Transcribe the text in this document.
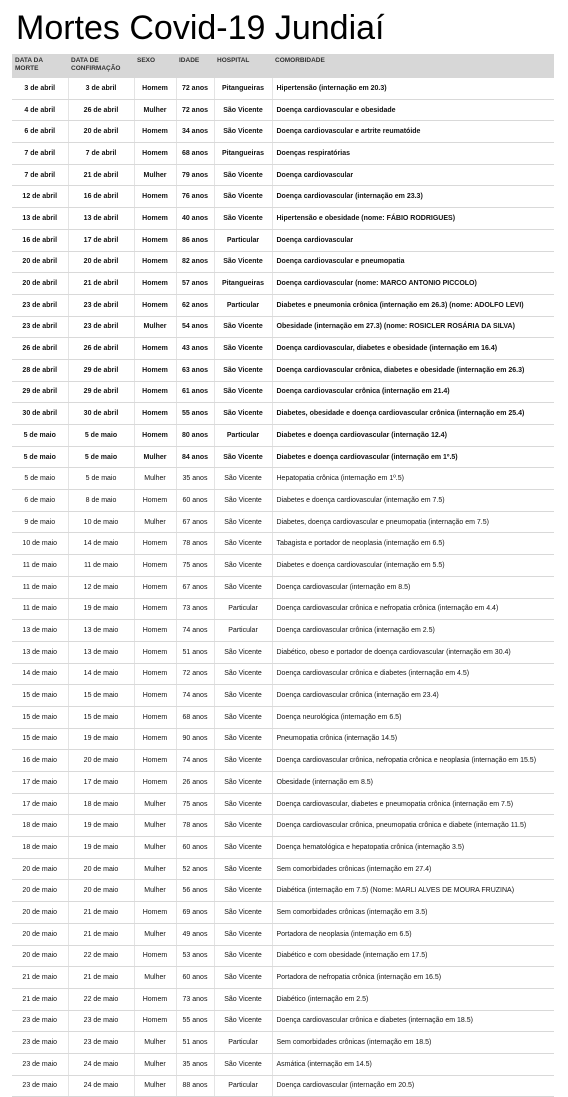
Mortes Covid-19 Jundiaí
DATA DA MORTE	DATA DE CONFIRMAÇÃO	SEXO	IDADE	HOSPITAL	COMORBIDADE
3 de abril	3 de abril	Homem	72 anos	Pitangueiras	Hipertensão (internação em 20.3)
4 de abril	26 de abril	Mulher	72 anos	São Vicente	Doença cardiovascular e obesidade
6 de abril	20 de abril	Homem	34 anos	São Vicente	Doença cardiovascular e artrite reumatóide
7 de abril	7 de abril	Homem	68 anos	Pitangueiras	Doenças respiratórias
7 de abril	21 de abril	Mulher	79 anos	São Vicente	Doença cardiovascular
12 de abril	16 de abril	Homem	76 anos	São Vicente	Doença cardiovascular (internação em 23.3)
13 de abril	13 de abril	Homem	40 anos	São Vicente	Hipertensão e obesidade (nome: FÁBIO RODRIGUES)
16 de abril	17 de abril	Homem	86 anos	Particular	Doença cardiovascular
20 de abril	20 de abril	Homem	82 anos	São Vicente	Doença cardiovascular e pneumopatia
20 de abril	21 de abril	Homem	57 anos	Pitangueiras	Doença cardiovascular (nome: MARCO ANTONIO PICCOLO)
23 de abril	23 de abril	Homem	62 anos	Particular	Diabetes e pneumonia crônica (internação em 26.3) (nome: ADOLFO LEVI)
23 de abril	23 de abril	Mulher	54 anos	São Vicente	Obesidade (internação em 27.3) (nome: ROSICLER ROSÁRIA DA SILVA)
26 de abril	26 de abril	Homem	43 anos	São Vicente	Doença cardiovascular, diabetes e obesidade (internação em 16.4)
28 de abril	29 de abril	Homem	63 anos	São Vicente	Doença cardiovascular crônica, diabetes e obesidade (internação em 26.3)
29 de abril	29 de abril	Homem	61 anos	São Vicente	Doença cardiovascular crônica (internação em 21.4)
30 de abril	30 de abril	Homem	55 anos	São Vicente	Diabetes, obesidade e doença cardiovascular crônica (internação em 25.4)
5 de maio	5 de maio	Homem	80 anos	Particular	Diabetes e doença cardiovascular (internação 12.4)
5 de maio	5 de maio	Mulher	84 anos	São Vicente	Diabetes e doença cardiovascular (internação em 1º.5)
5 de maio	5 de maio	Mulher	35 anos	São Vicente	Hepatopatia crônica (internação em 1º.5)
6 de maio	8 de maio	Homem	60 anos	São Vicente	Diabetes e doença cardiovascular (internação em 7.5)
9 de maio	10 de maio	Mulher	67 anos	São Vicente	Diabetes, doença cardiovascular e pneumopatia (internação em 7.5)
10 de maio	14 de maio	Homem	78 anos	São Vicente	Tabagista e portador de neoplasia (internação em 6.5)
11 de maio	11 de maio	Homem	75 anos	São Vicente	Diabetes e doença cardiovascular (internação em 5.5)
11 de maio	12 de maio	Homem	67 anos	São Vicente	Doença cardiovascular (internação em 8.5)
11 de maio	19 de maio	Homem	73 anos	Particular	Doença cardiovascular crônica e nefropatia crônica (internação em 4.4)
13 de maio	13 de maio	Homem	74 anos	Particular	Doença cardiovascular crônica (internação em 2.5)
13 de maio	13 de maio	Homem	51 anos	São Vicente	Diabético, obeso e portador de doença cardiovascular (internação em 30.4)
14 de maio	14 de maio	Homem	72 anos	São Vicente	Doença cardiovascular crônica e diabetes (internação em 4.5)
15 de maio	15 de maio	Homem	74 anos	São Vicente	Doença cardiovascular crônica (internação em 23.4)
15 de maio	15 de maio	Homem	68 anos	São Vicente	Doença neurológica (internação em 6.5)
15 de maio	19 de maio	Homem	90 anos	São Vicente	Pneumopatia crônica (internação 14.5)
16 de maio	20 de maio	Homem	74 anos	São Vicente	Doença cardiovascular crônica, nefropatia crônica e neoplasia (internação em 15.5)
17 de maio	17 de maio	Homem	26 anos	São Vicente	Obesidade (internação em 8.5)
17 de maio	18 de maio	Mulher	75 anos	São Vicente	Doença cardiovascular, diabetes e pneumopatia crônica (internação em 7.5)
18 de maio	19 de maio	Mulher	78 anos	São Vicente	Doença cardiovascular crônica, pneumopatia crônica e diabete (internação 11.5)
18 de maio	19 de maio	Mulher	60 anos	São Vicente	Doença hematológica e hepatopatia crônica (internação 3.5)
20 de maio	20 de maio	Mulher	52 anos	São Vicente	Sem comorbidades crônicas (internação em 27.4)
20 de maio	20 de maio	Mulher	56 anos	São Vicente	Diabética (internação em 7.5) (Nome: MARLI ALVES DE MOURA FRUZINA)
20 de maio	21 de maio	Homem	69 anos	São Vicente	Sem comorbidades crônicas (internação em 3.5)
20 de maio	21 de maio	Mulher	49 anos	São Vicente	Portadora de neoplasia (internação em 6.5)
20 de maio	22 de maio	Homem	53 anos	São Vicente	Diabético e com obesidade (internação em 17.5)
21 de maio	21 de maio	Mulher	60 anos	São Vicente	Portadora de nefropatia crônica (internação em 16.5)
21 de maio	22 de maio	Homem	73 anos	São Vicente	Diabético (internação em 2.5)
23 de maio	23 de maio	Homem	55 anos	São Vicente	Doença cardiovascular crônica e diabetes (internação em 18.5)
23 de maio	23 de maio	Mulher	51 anos	Particular	Sem comorbidades crônicas (internação em 18.5)
23 de maio	24 de maio	Mulher	35 anos	São Vicente	Asmática (internação em 14.5)
23 de maio	24 de maio	Mulher	88 anos	Particular	Doença cardiovascular (internação em 20.5)
